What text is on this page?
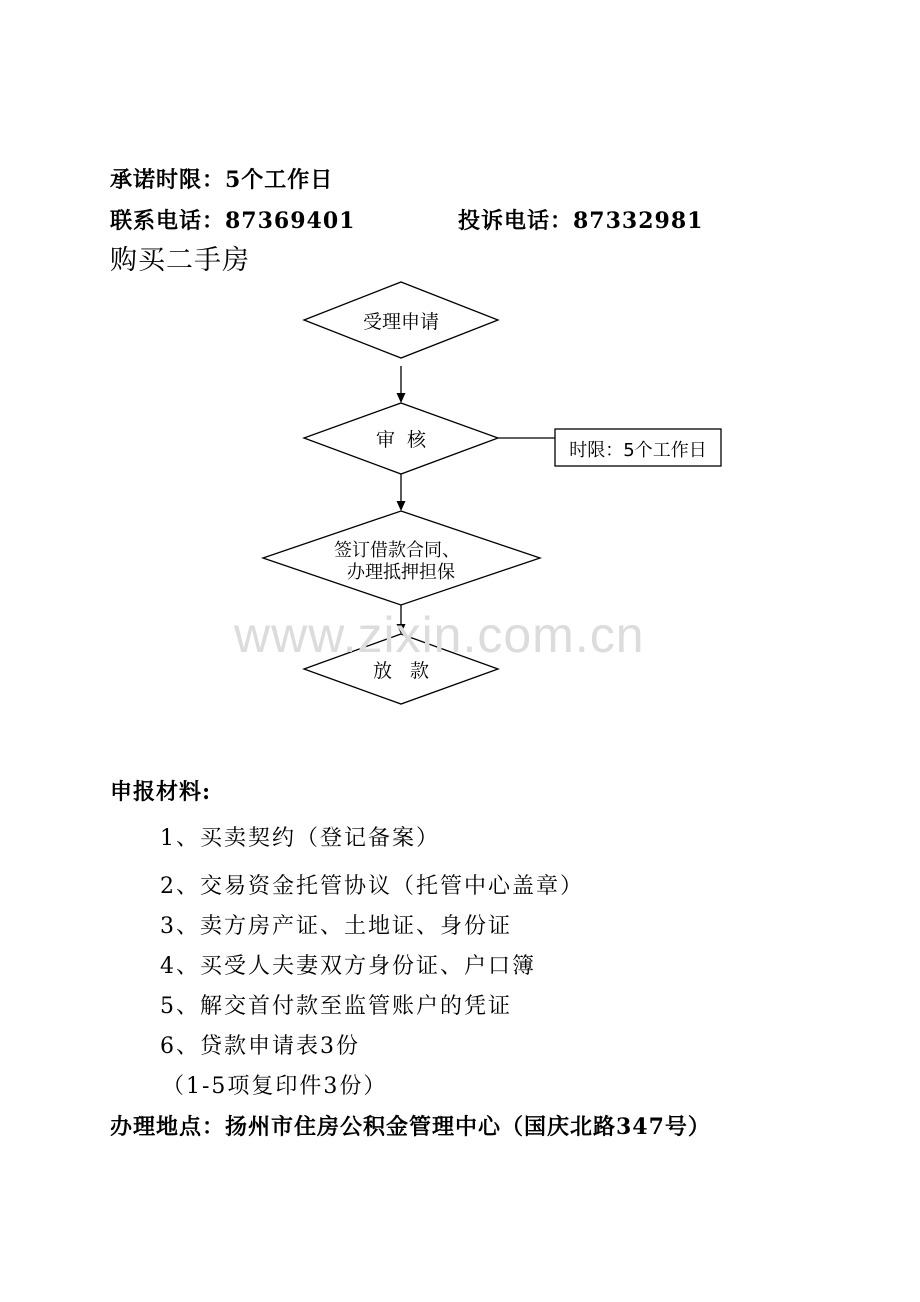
承诺时限：5个工作日
联系电话：87369401	投诉电话：87332981
购买二手房
受理申请
审  核	时限：5个工作日
签订借款合同、
办理抵押担保
放   款
www.zixin.com.cn
申报材料:
1、买卖契约（登记备案）
2、交易资金托管协议（托管中心盖章）
3、卖方房产证、土地证、身份证
4、买受人夫妻双方身份证、户口簿
5、解交首付款至监管账户的凭证
6、贷款申请表3份
（1-5项复印件3份）
办理地点：扬州市住房公积金管理中心（国庆北路347号）
